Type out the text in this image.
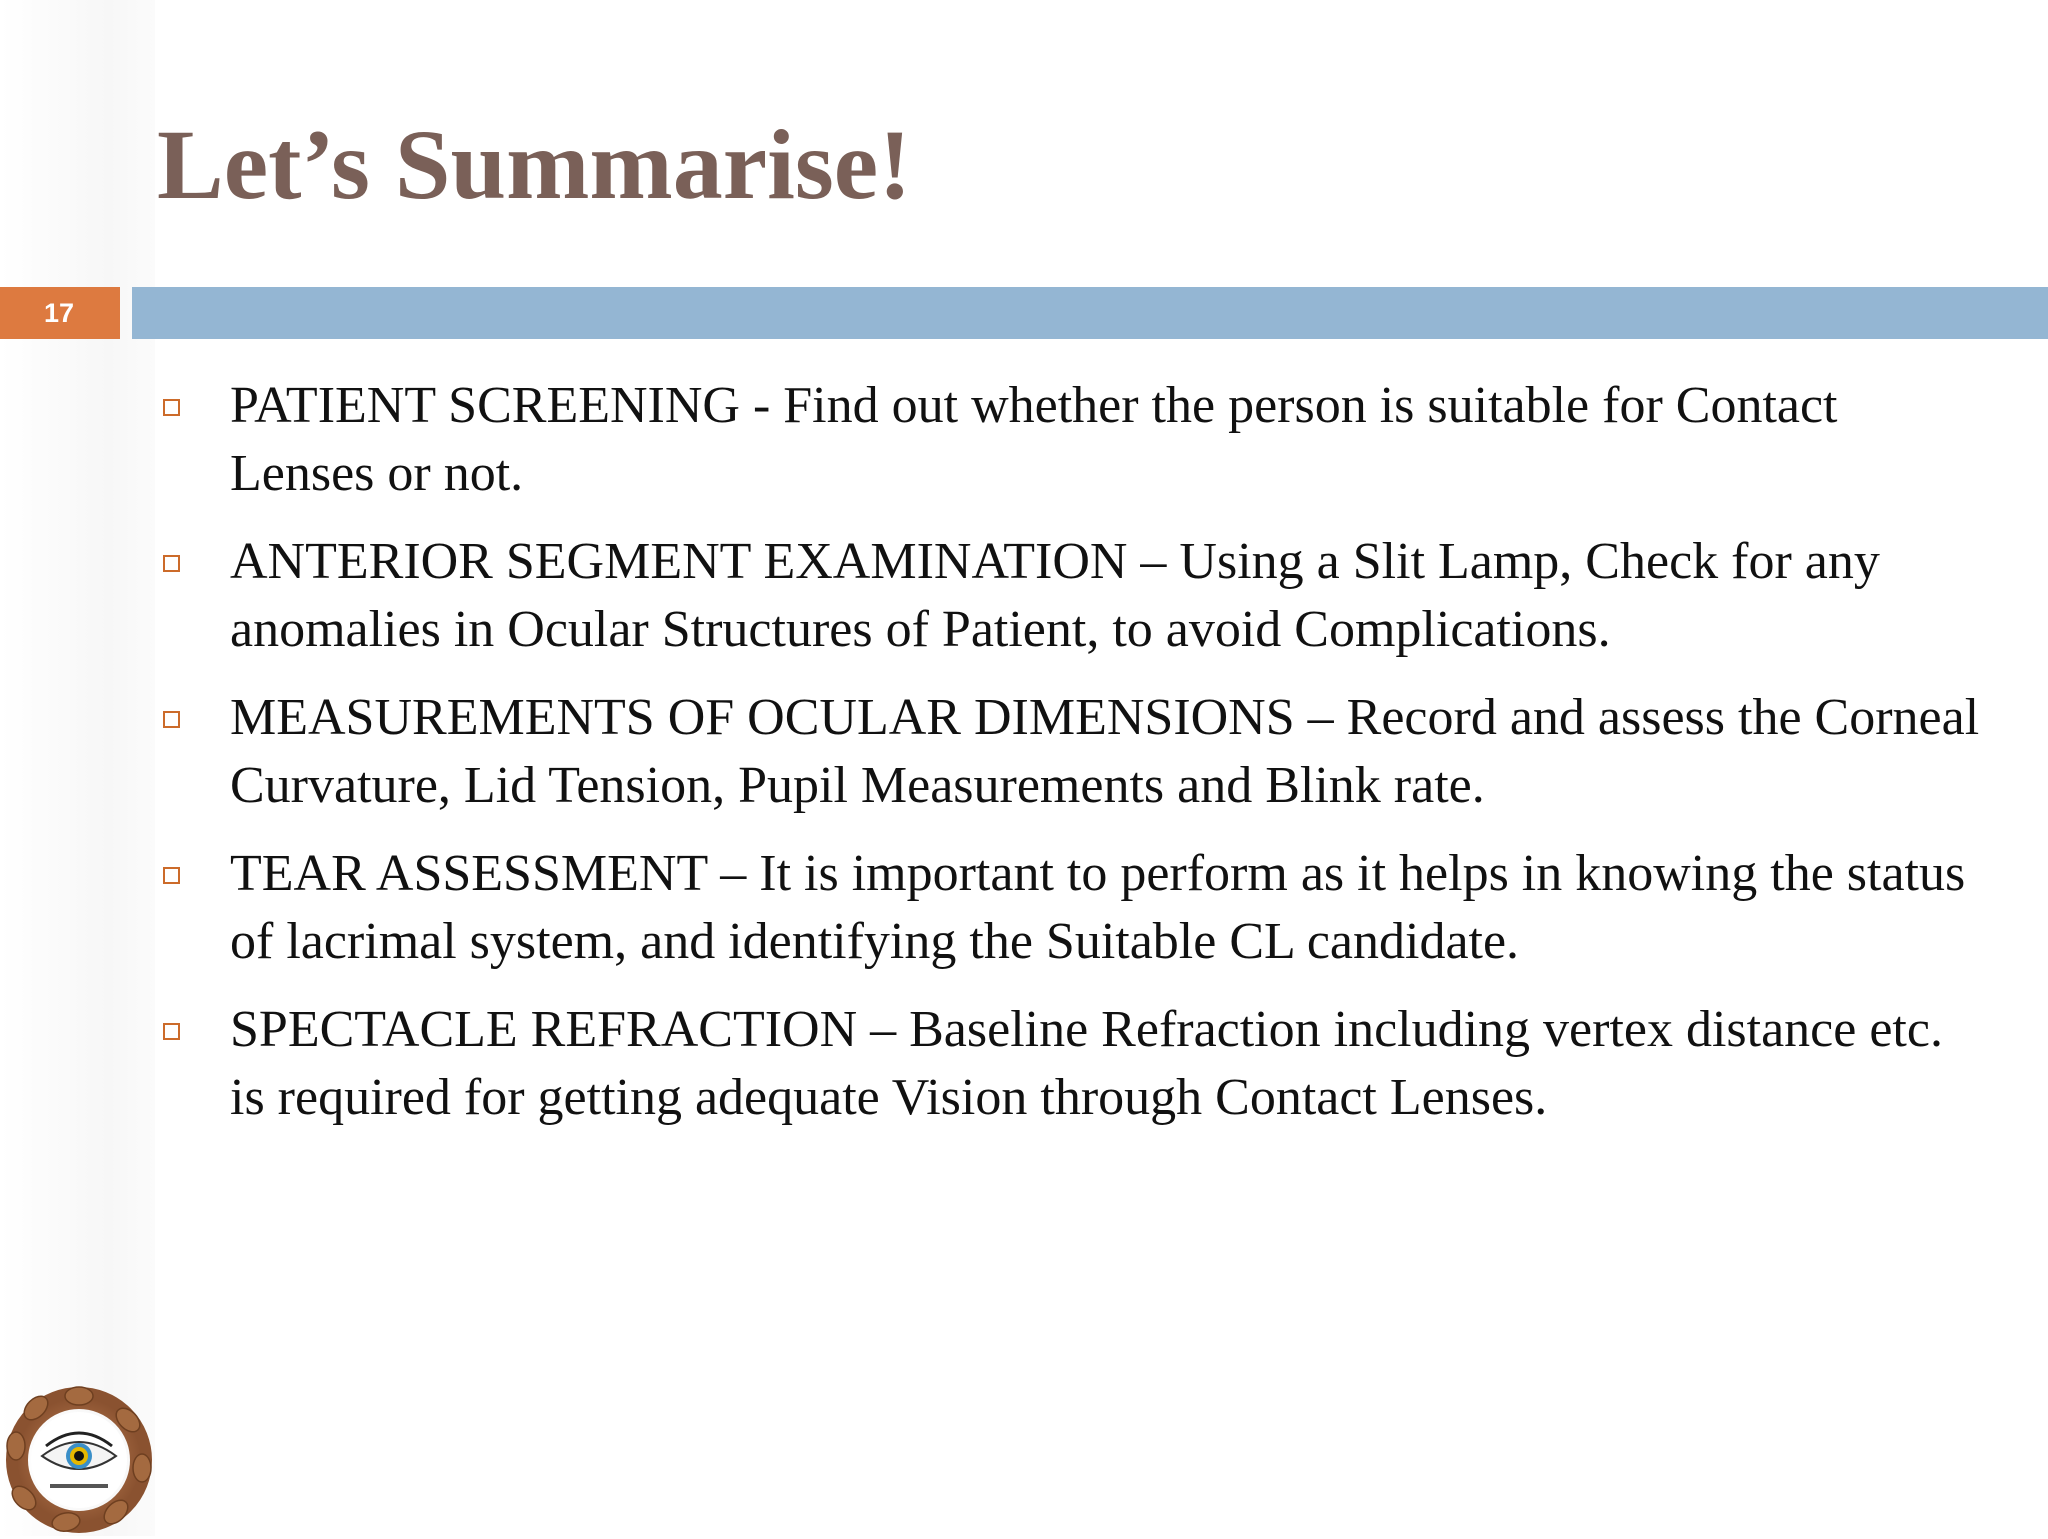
Let’s Summarise!
17
PATIENT SCREENING - Find out whether the person is suitable for Contact Lenses or not.
ANTERIOR SEGMENT EXAMINATION – Using a Slit Lamp, Check for any anomalies in Ocular Structures of Patient, to avoid Complications.
MEASUREMENTS OF OCULAR DIMENSIONS – Record and assess the Corneal Curvature, Lid Tension, Pupil Measurements and Blink rate.
TEAR ASSESSMENT – It is important to perform as it helps in knowing the status of lacrimal system, and identifying the Suitable CL candidate.
SPECTACLE REFRACTION – Baseline Refraction including vertex distance etc. is required for getting adequate Vision through Contact Lenses.
